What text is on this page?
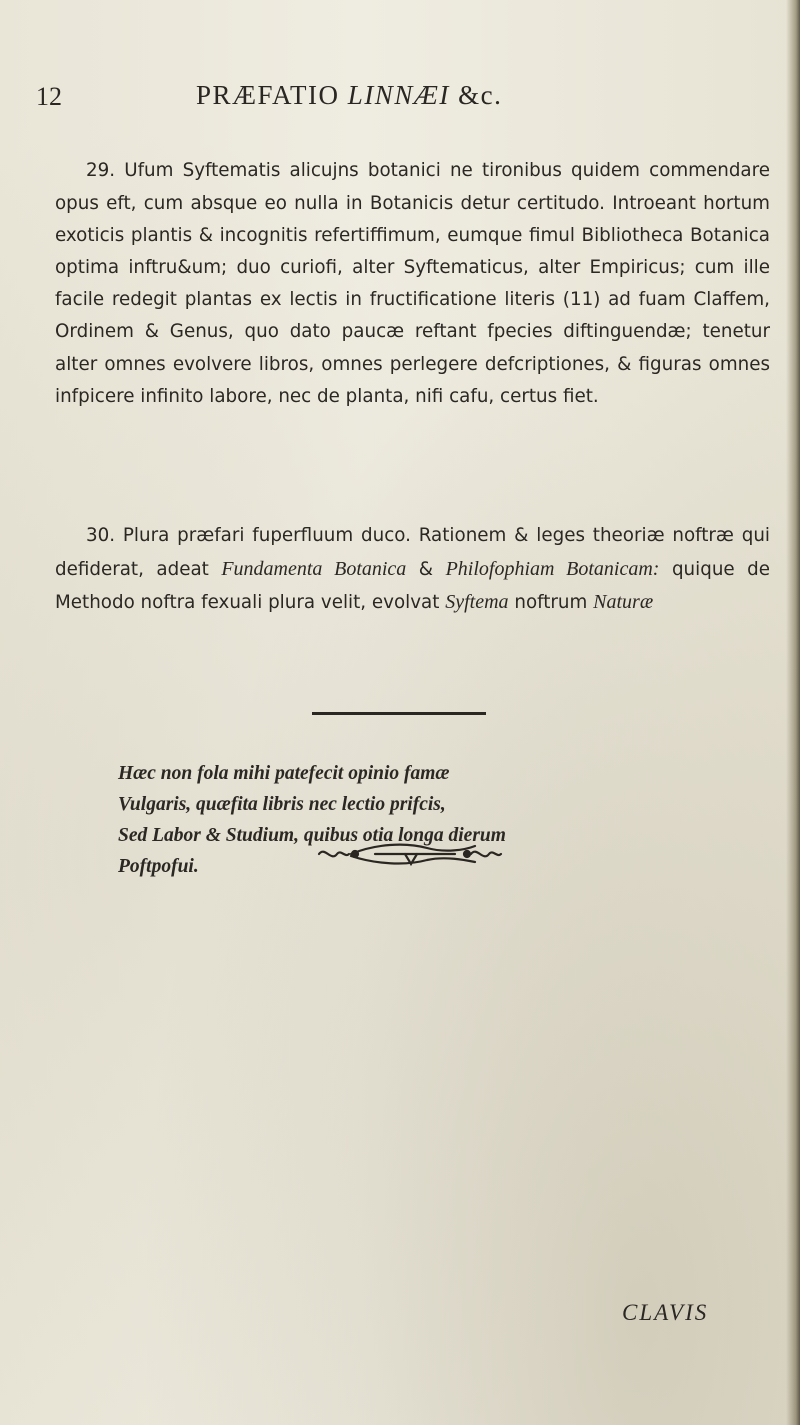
12	PRÆFATIO LINNÆI &c.

29. Ufum Syftematis alicujns botanici ne tironibus quidem commendare opus eft, cum absque eo nulla in Botanicis detur certitudo. Introeant hortum exoticis plantis & incognitis refertiffimum, eumque fimul Bibliotheca Botanica optima inftru&um; duo curiofi, alter Syftematicus, alter Empiricus; cum ille facile redegit plantas ex lectis in fructificatione literis (11) ad fuam Claffem, Ordinem & Genus, quo dato paucæ reftant fpecies diftinguendæ; tenetur alter omnes evolvere libros, omnes perlegere defcriptiones, & figuras omnes infpicere infinito labore, nec de planta, nifi cafu, certus fiet.

30. Plura præfari fuperfluum duco. Rationem & leges theoriæ noftræ qui defiderat, adeat Fundamenta Botanica & Philofophiam Botanicam: quique de Methodo noftra fexuali plura velit, evolvat Syftema noftrum Naturæ

Hæc non fola mihi patefecit opinio famæ
Vulgaris, quæfita libris nec lectio prifcis,
Sed Labor & Studium, quibus otia longa dierum
Poftpofui.
CLAVIS
